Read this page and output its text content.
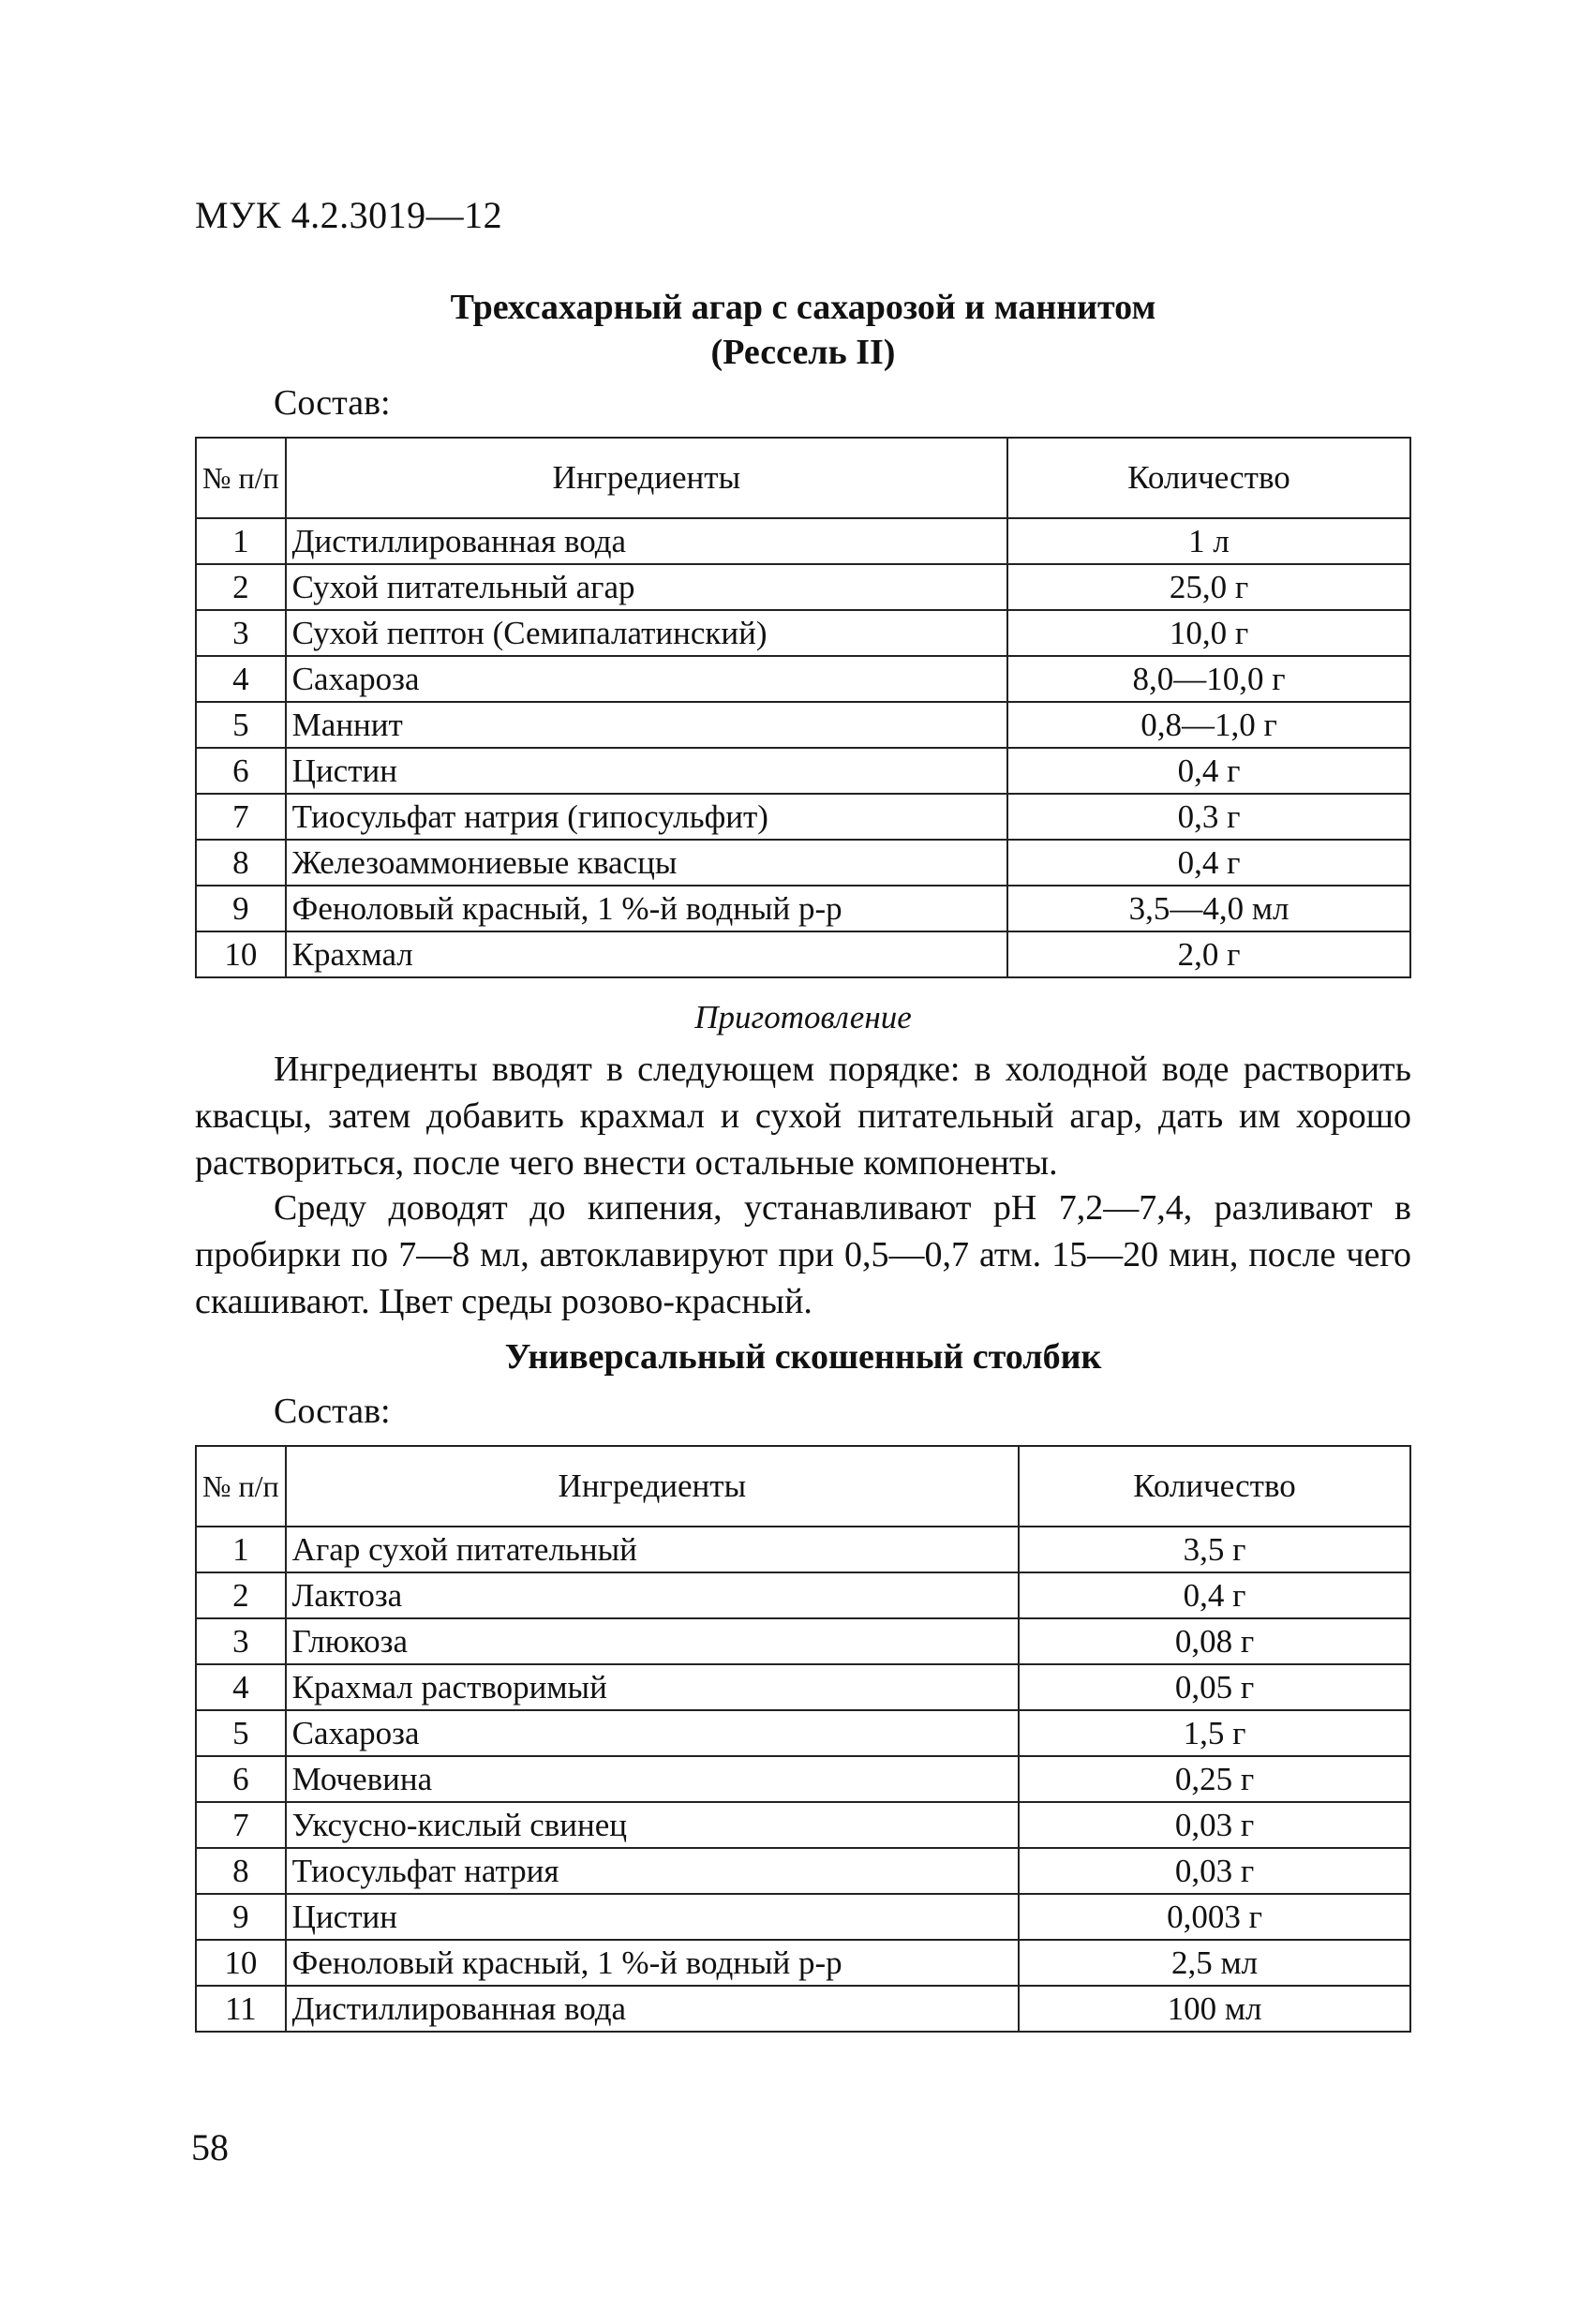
МУК 4.2.3019—12
Трехсахарный агар с сахарозой и маннитом
(Рессель II)
Состав:
№ п/п	Ингредиенты	Количество
1	Дистиллированная вода	1 л
2	Сухой питательный агар	25,0 г
3	Сухой пептон (Семипалатинский)	10,0 г
4	Сахароза	8,0—10,0 г
5	Маннит	0,8—1,0 г
6	Цистин	0,4 г
7	Тиосульфат натрия (гипосульфит)	0,3 г
8	Железоаммониевые квасцы	0,4 г
9	Феноловый красный, 1 %-й водный р-р	3,5—4,0 мл
10	Крахмал	2,0 г
Приготовление

Ингредиенты вводят в следующем порядке: в холодной воде растворить квасцы, затем добавить крахмал и сухой питательный агар, дать им хорошо раствориться, после чего внести остальные компоненты.

Среду доводят до кипения, устанавливают pH 7,2—7,4, разливают в пробирки по 7—8 мл, автоклавируют при 0,5—0,7 атм. 15—20 мин, после чего скашивают. Цвет среды розово-красный.

Универсальный скошенный столбик
Состав:
№ п/п	Ингредиенты	Количество
1	Агар сухой питательный	3,5 г
2	Лактоза	0,4 г
3	Глюкоза	0,08 г
4	Крахмал растворимый	0,05 г
5	Сахароза	1,5 г
6	Мочевина	0,25 г
7	Уксусно-кислый свинец	0,03 г
8	Тиосульфат натрия	0,03 г
9	Цистин	0,003 г
10	Феноловый красный, 1 %-й водный р-р	2,5 мл
11	Дистиллированная вода	100 мл
58
